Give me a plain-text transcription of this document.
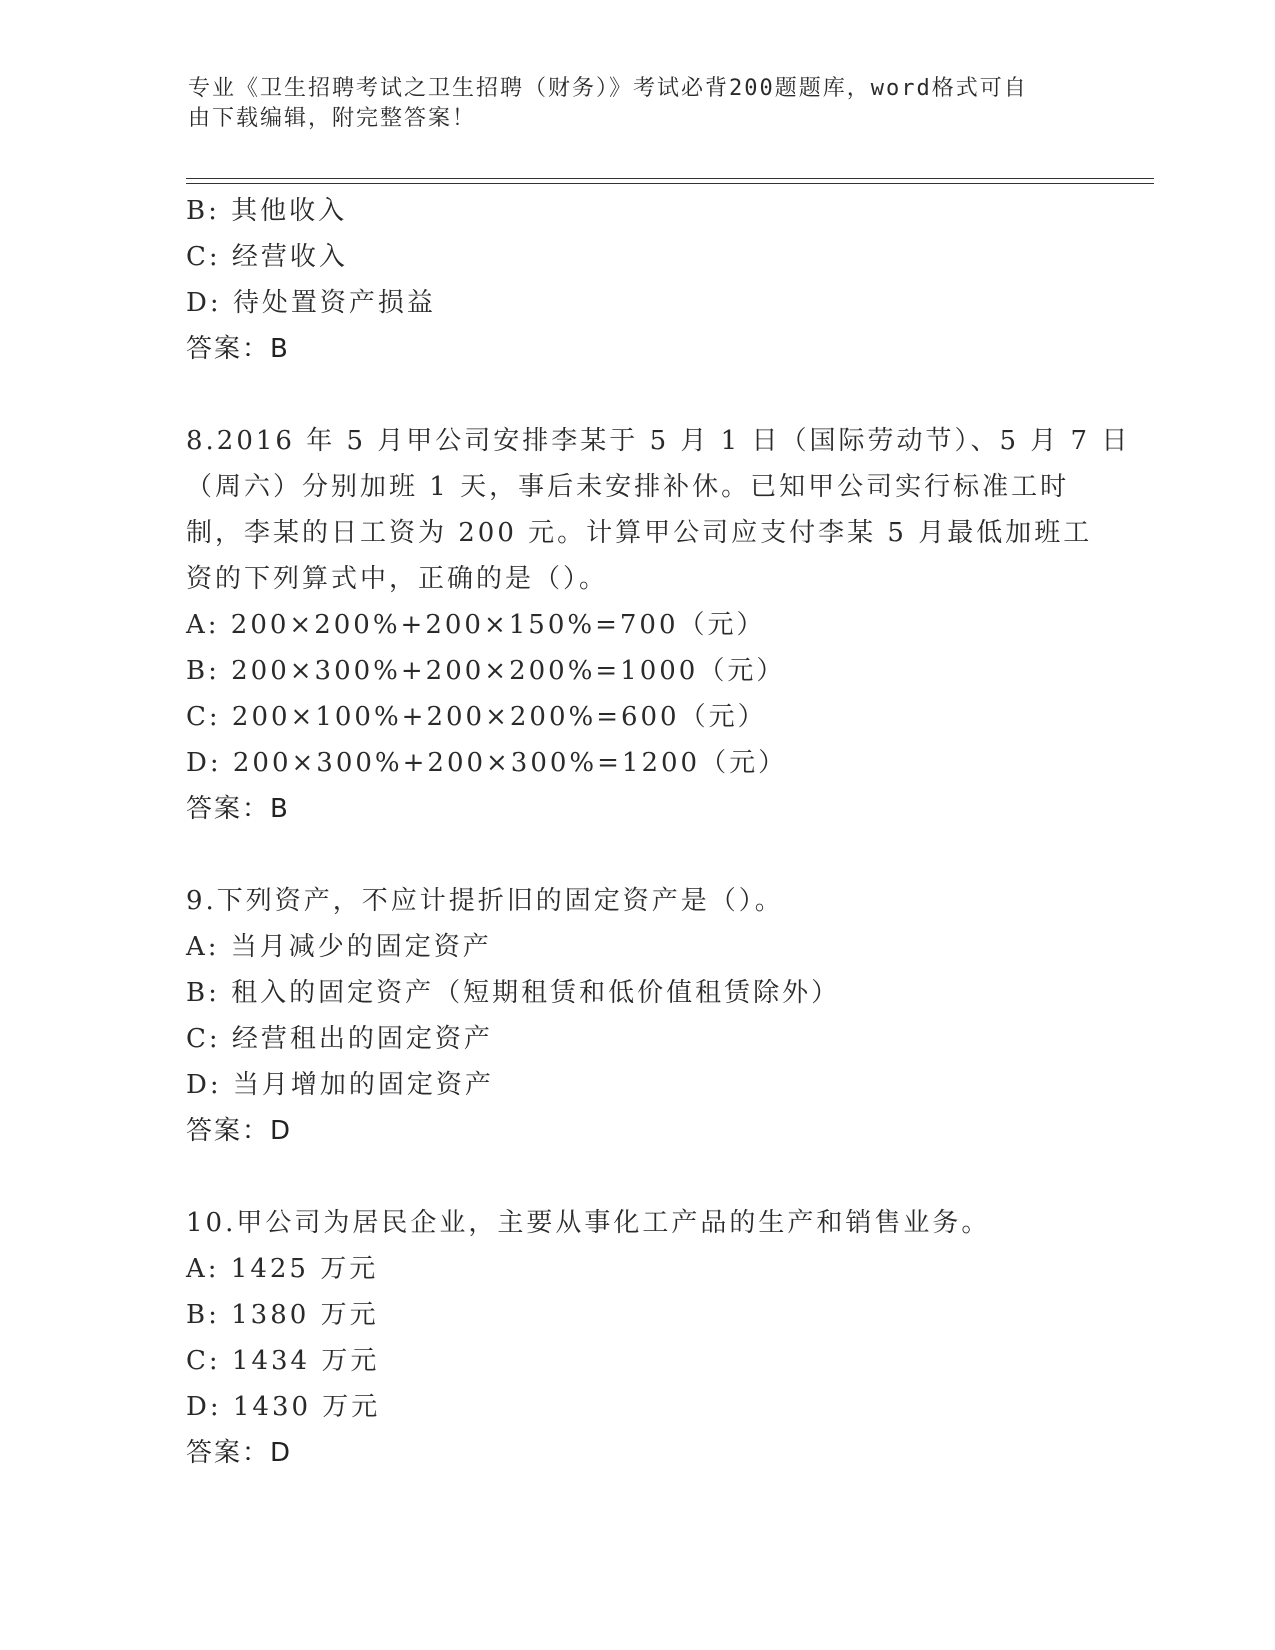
专业《卫生招聘考试之卫生招聘（财务）》考试必背200题题库，word格式可自
由下载编辑，附完整答案！
B: 其他收入
C: 经营收入
D: 待处置资产损益
答案：B
8.2016 年 5 月甲公司安排李某于 5 月 1 日（国际劳动节）、5 月 7 日
（周六）分别加班 1 天，事后未安排补休。已知甲公司实行标准工时
制，李某的日工资为 200 元。计算甲公司应支付李某 5 月最低加班工
资的下列算式中，正确的是（）。
A: 200×200%+200×150%=700（元）
B: 200×300%+200×200%=1000（元）
C: 200×100%+200×200%=600（元）
D: 200×300%+200×300%=1200（元）
答案：B
9.下列资产，不应计提折旧的固定资产是（）。
A: 当月减少的固定资产
B: 租入的固定资产（短期租赁和低价值租赁除外）
C: 经营租出的固定资产
D: 当月增加的固定资产
答案：D
10.甲公司为居民企业，主要从事化工产品的生产和销售业务。
A: 1425 万元
B: 1380 万元
C: 1434 万元
D: 1430 万元
答案：D
